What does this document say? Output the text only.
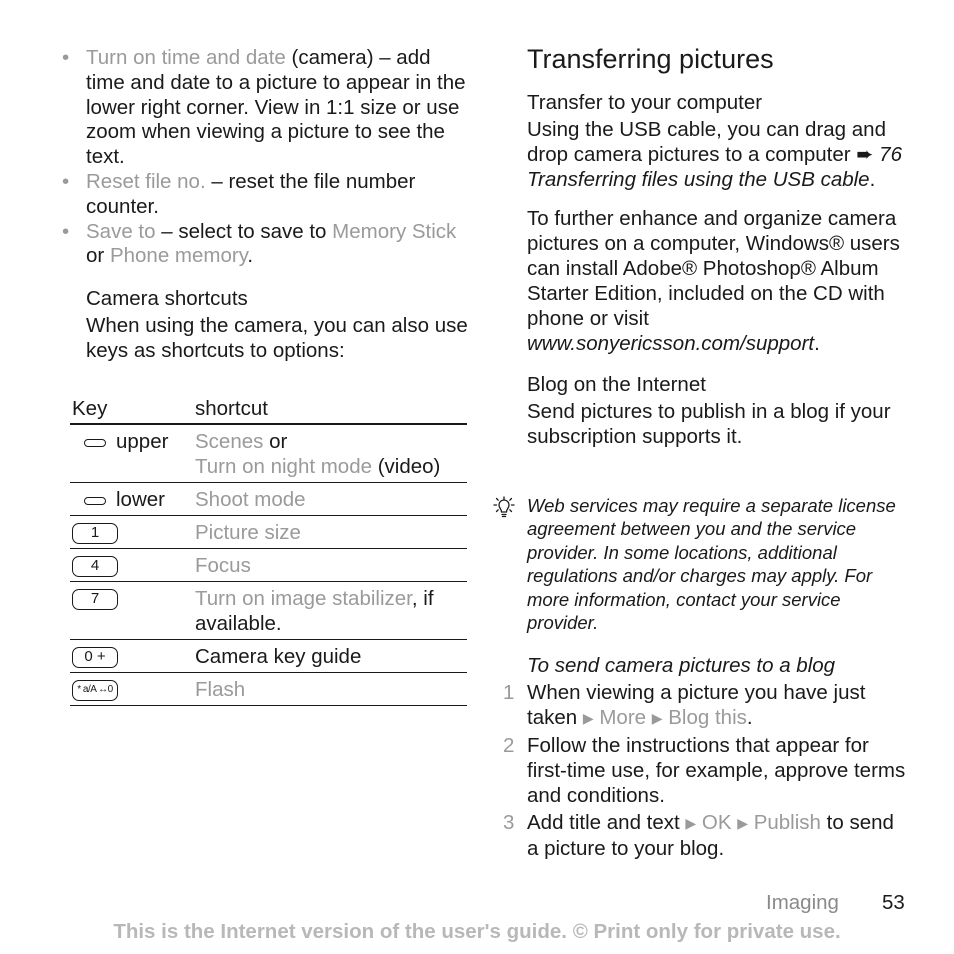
• Turn on time and date (camera) – add time and date to a picture to appear in the lower right corner. View in 1:1 size or use zoom when viewing a picture to see the text.
• Reset file no. – reset the file number counter.
• Save to – select to save to Memory Stick or Phone memory.

Camera shortcuts

When using the camera, you can also use keys as shortcuts to options:

Key	shortcut
upper	Scenes or
Turn on night mode (video)
lower	Shoot mode
1	Picture size
4	Focus
7	Turn on image stabilizer, if available.
0 +	Camera key guide
* a/A ↔0	Flash
Transferring pictures

Transfer to your computer

Using the USB cable, you can drag and drop camera pictures to a computer ➨ 76 Transferring files using the USB cable.

To further enhance and organize camera pictures on a computer, Windows® users can install Adobe® Photoshop® Album Starter Edition, included on the CD with phone or visit www.sonyericsson.com/support.

Blog on the Internet

Send pictures to publish in a blog if your subscription supports it.

Web services may require a separate license agreement between you and the service provider. In some locations, additional regulations and/or charges may apply. For more information, contact your service provider.

To send camera pictures to a blog

1 When viewing a picture you have just taken ▶ More ▶ Blog this.

2 Follow the instructions that appear for first-time use, for example, approve terms and conditions.

3 Add title and text ▶ OK ▶ Publish to send a picture to your blog.

Imaging 53
This is the Internet version of the user's guide. © Print only for private use.
